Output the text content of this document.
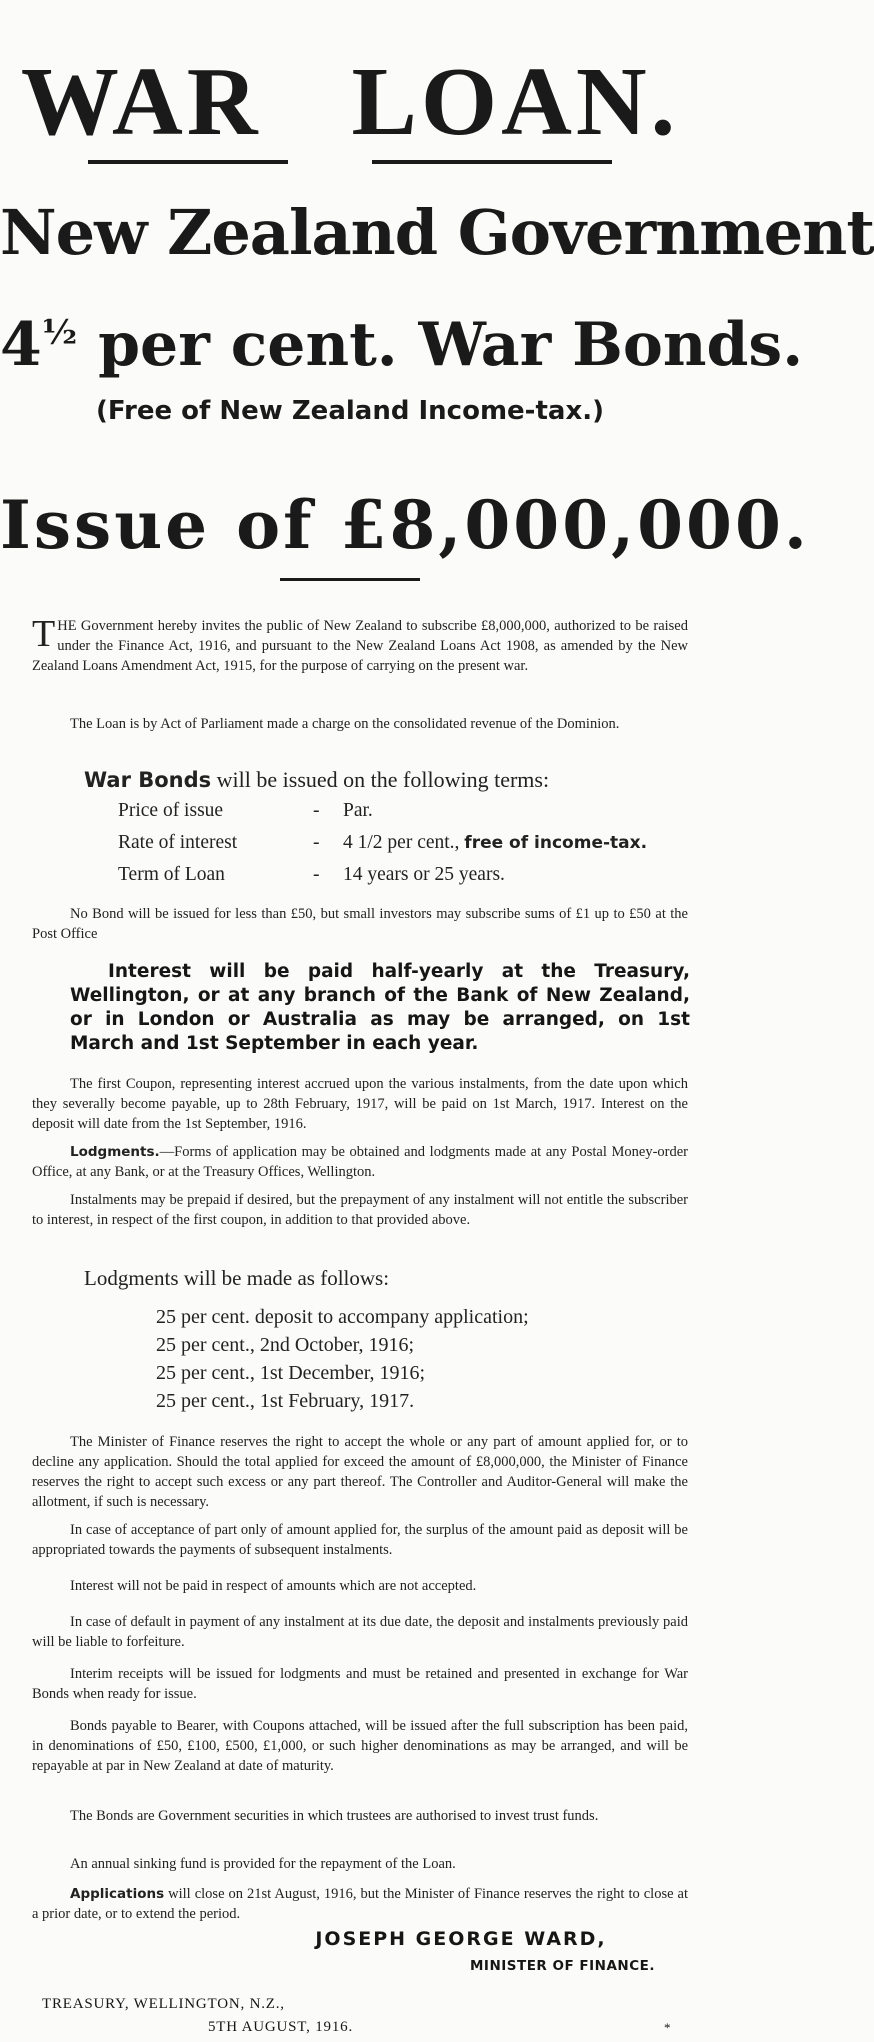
WAR LOAN.
New Zealand Government
$4^{\frac{1}{2}}$ per cent. War Bonds.
(Free of New Zealand Income-tax.)
Issue of £8,000,000.
THE Government hereby invites the public of New Zealand to subscribe £8,000,000, authorized to be raised under the Finance Act, 1916, and pursuant to the New Zealand Loans Act 1908, as amended by the New Zealand Loans Amendment Act, 1915, for the purpose of carrying on the present war.
The Loan is by Act of Parliament made a charge on the consolidated revenue of the Dominion.
War Bonds will be issued on the following terms:
Price of issue	- Par.
Rate of interest	- 4 1/2 per cent., free of income-tax.
Term of Loan	- 14 years or 25 years.
No Bond will be issued for less than £50, but small investors may subscribe sums of £1 up to £50 at the Post Office
Interest will be paid half-yearly at the Treasury, Wellington, or at any branch of the Bank of New Zealand, or in London or Australia as may be arranged, on 1st March and 1st September in each year.
The first Coupon, representing interest accrued upon the various instalments, from the date upon which they severally become payable, up to 28th February, 1917, will be paid on 1st March, 1917. Interest on the deposit will date from the 1st September, 1916.
Lodgments.—Forms of application may be obtained and lodgments made at any Postal Money-order Office, at any Bank, or at the Treasury Offices, Wellington.
Instalments may be prepaid if desired, but the prepayment of any instalment will not entitle the subscriber to interest, in respect of the first coupon, in addition to that provided above.
Lodgments will be made as follows:
25 per cent. deposit to accompany application;
25 per cent., 2nd October, 1916;
25 per cent., 1st December, 1916;
25 per cent., 1st February, 1917.
The Minister of Finance reserves the right to accept the whole or any part of amount applied for, or to decline any application. Should the total applied for exceed the amount of £8,000,000, the Minister of Finance reserves the right to accept such excess or any part thereof. The Controller and Auditor-General will make the allotment, if such is necessary.
In case of acceptance of part only of amount applied for, the surplus of the amount paid as deposit will be appropriated towards the payments of subsequent instalments.
Interest will not be paid in respect of amounts which are not accepted.
In case of default in payment of any instalment at its due date, the deposit and instalments previously paid will be liable to forfeiture.
Interim receipts will be issued for lodgments and must be retained and presented in exchange for War Bonds when ready for issue.
Bonds payable to Bearer, with Coupons attached, will be issued after the full subscription has been paid, in denominations of £50, £100, £500, £1,000, or such higher denominations as may be arranged, and will be repayable at par in New Zealand at date of maturity.
The Bonds are Government securities in which trustees are authorised to invest trust funds.
An annual sinking fund is provided for the repayment of the Loan.
Applications will close on 21st August, 1916, but the Minister of Finance reserves the right to close at a prior date, or to extend the period.
JOSEPH GEORGE WARD,
MINISTER OF FINANCE.
TREASURY, WELLINGTON, N.Z.,
5TH AUGUST, 1916.	*
